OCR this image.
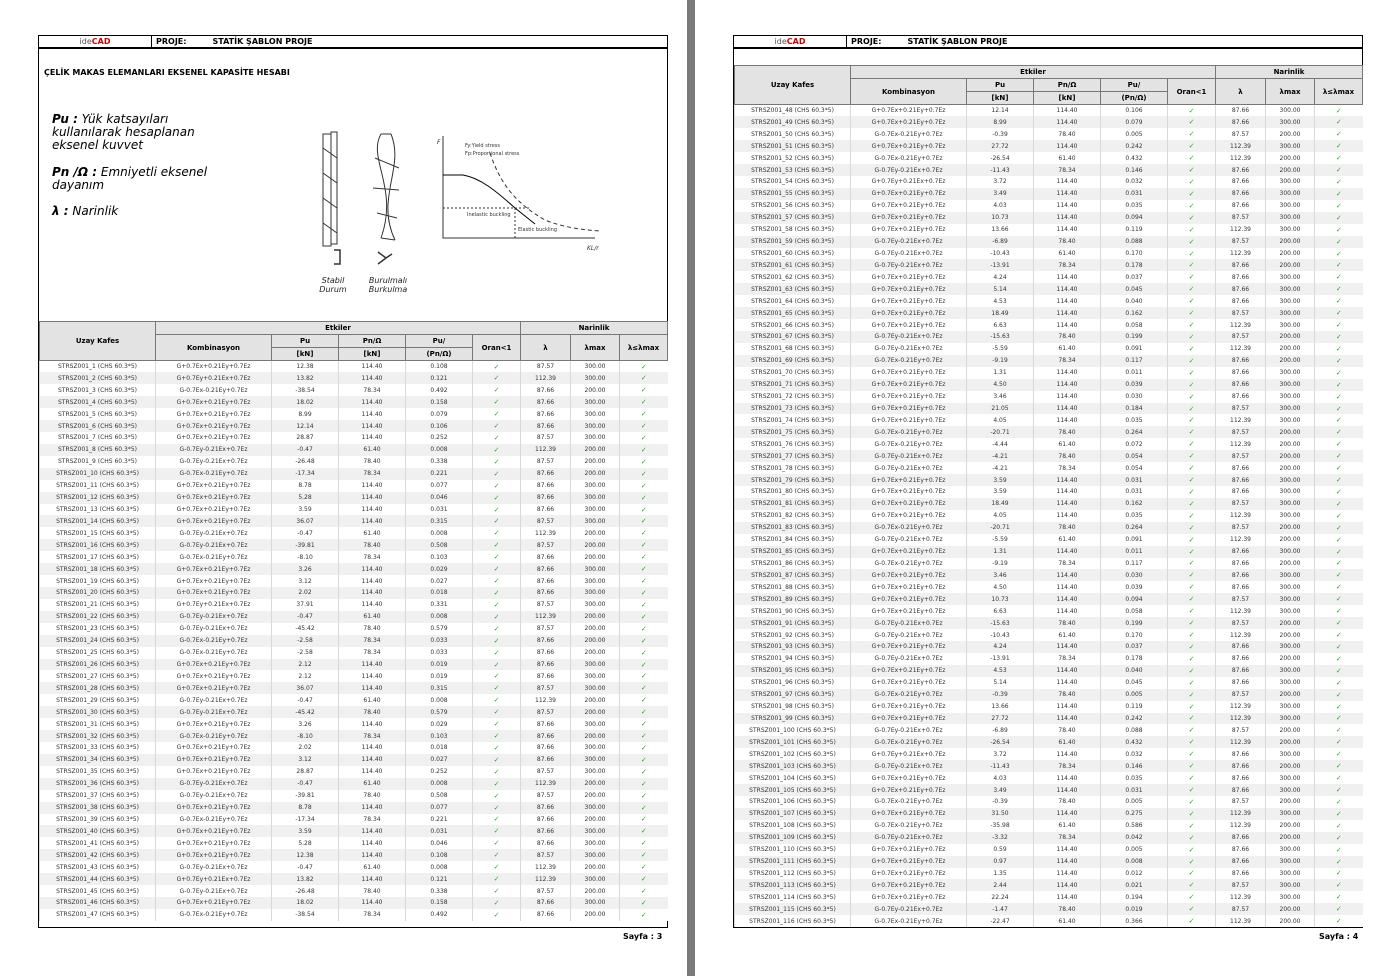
ideCAD	PROJE:	STATİK ŞABLON PROJE
ÇELİK MAKAS ELEMANLARI EKSENEL KAPASİTE HESABI
Pu : Yük katsayıları kullanılarak hesaplanan eksenel kuvvet
Pn /Ω : Emniyetli eksenel dayanım
λ : Narinlik
Fy:Yield stress
Fp:Proportional stress
Inelastic buckling
Elastic buckling
KL/r
F
Stabil
Durum
Burulmalı
Burkulma
Uzay Kafes	Etkiler					Narinlik		
	Kombinasyon	Pu	Pn/Ω	Pu/	Oran<1	λ	λmax	λ≤λmax
		[kN]	[kN]	(Pn/Ω)				
STRSZ001_1 (CHS 60.3*5)	G+0.7Ex+0.21Ey+0.7Ez	12.38	114.40	0.108	✓	87.57	300.00	✓
STRSZ001_2 (CHS 60.3*5)	G+0.7Ey+0.21Ex+0.7Ez	13.82	114.40	0.121	✓	112.39	300.00	✓
STRSZ001_3 (CHS 60.3*5)	G-0.7Ex-0.21Ey+0.7Ez	-38.54	78.34	0.492	✓	87.66	200.00	✓
STRSZ001_4 (CHS 60.3*5)	G+0.7Ex+0.21Ey+0.7Ez	18.02	114.40	0.158	✓	87.66	300.00	✓
STRSZ001_5 (CHS 60.3*5)	G+0.7Ex+0.21Ey+0.7Ez	8.99	114.40	0.079	✓	87.66	300.00	✓
STRSZ001_6 (CHS 60.3*5)	G+0.7Ex+0.21Ey+0.7Ez	12.14	114.40	0.106	✓	87.66	300.00	✓
STRSZ001_7 (CHS 60.3*5)	G+0.7Ex+0.21Ey+0.7Ez	28.87	114.40	0.252	✓	87.57	300.00	✓
STRSZ001_8 (CHS 60.3*5)	G-0.7Ey-0.21Ex+0.7Ez	-0.47	61.40	0.008	✓	112.39	200.00	✓
STRSZ001_9 (CHS 60.3*5)	G-0.7Ey-0.21Ex+0.7Ez	-26.48	78.40	0.338	✓	87.57	200.00	✓
STRSZ001_10 (CHS 60.3*5)	G-0.7Ex-0.21Ey+0.7Ez	-17.34	78.34	0.221	✓	87.66	200.00	✓
STRSZ001_11 (CHS 60.3*5)	G+0.7Ex+0.21Ey+0.7Ez	8.78	114.40	0.077	✓	87.66	300.00	✓
STRSZ001_12 (CHS 60.3*5)	G+0.7Ex+0.21Ey+0.7Ez	5.28	114.40	0.046	✓	87.66	300.00	✓
STRSZ001_13 (CHS 60.3*5)	G+0.7Ex+0.21Ey+0.7Ez	3.59	114.40	0.031	✓	87.66	300.00	✓
STRSZ001_14 (CHS 60.3*5)	G+0.7Ex+0.21Ey+0.7Ez	36.07	114.40	0.315	✓	87.57	300.00	✓
STRSZ001_15 (CHS 60.3*5)	G-0.7Ey-0.21Ex+0.7Ez	-0.47	61.40	0.008	✓	112.39	200.00	✓
STRSZ001_16 (CHS 60.3*5)	G-0.7Ey-0.21Ex+0.7Ez	-39.81	78.40	0.508	✓	87.57	200.00	✓
STRSZ001_17 (CHS 60.3*5)	G-0.7Ex-0.21Ey+0.7Ez	-8.10	78.34	0.103	✓	87.66	200.00	✓
STRSZ001_18 (CHS 60.3*5)	G+0.7Ex+0.21Ey+0.7Ez	3.26	114.40	0.029	✓	87.66	300.00	✓
STRSZ001_19 (CHS 60.3*5)	G+0.7Ex+0.21Ey+0.7Ez	3.12	114.40	0.027	✓	87.66	300.00	✓
STRSZ001_20 (CHS 60.3*5)	G+0.7Ex+0.21Ey+0.7Ez	2.02	114.40	0.018	✓	87.66	300.00	✓
STRSZ001_21 (CHS 60.3*5)	G+0.7Ey+0.21Ex+0.7Ez	37.91	114.40	0.331	✓	87.57	300.00	✓
STRSZ001_22 (CHS 60.3*5)	G-0.7Ey-0.21Ex+0.7Ez	-0.47	61.40	0.008	✓	112.39	200.00	✓
STRSZ001_23 (CHS 60.3*5)	G-0.7Ey-0.21Ex+0.7Ez	-45.42	78.40	0.579	✓	87.57	200.00	✓
STRSZ001_24 (CHS 60.3*5)	G-0.7Ex-0.21Ey+0.7Ez	-2.58	78.34	0.033	✓	87.66	200.00	✓
STRSZ001_25 (CHS 60.3*5)	G-0.7Ex-0.21Ey+0.7Ez	-2.58	78.34	0.033	✓	87.66	200.00	✓
STRSZ001_26 (CHS 60.3*5)	G+0.7Ex+0.21Ey+0.7Ez	2.12	114.40	0.019	✓	87.66	300.00	✓
STRSZ001_27 (CHS 60.3*5)	G+0.7Ex+0.21Ey+0.7Ez	2.12	114.40	0.019	✓	87.66	300.00	✓
STRSZ001_28 (CHS 60.3*5)	G+0.7Ex+0.21Ey+0.7Ez	36.07	114.40	0.315	✓	87.57	300.00	✓
STRSZ001_29 (CHS 60.3*5)	G-0.7Ey-0.21Ex+0.7Ez	-0.47	61.40	0.008	✓	112.39	200.00	✓
STRSZ001_30 (CHS 60.3*5)	G-0.7Ey-0.21Ex+0.7Ez	-45.42	78.40	0.579	✓	87.57	200.00	✓
STRSZ001_31 (CHS 60.3*5)	G+0.7Ex+0.21Ey+0.7Ez	3.26	114.40	0.029	✓	87.66	300.00	✓
STRSZ001_32 (CHS 60.3*5)	G-0.7Ex-0.21Ey+0.7Ez	-8.10	78.34	0.103	✓	87.66	200.00	✓
STRSZ001_33 (CHS 60.3*5)	G+0.7Ex+0.21Ey+0.7Ez	2.02	114.40	0.018	✓	87.66	300.00	✓
STRSZ001_34 (CHS 60.3*5)	G+0.7Ex+0.21Ey+0.7Ez	3.12	114.40	0.027	✓	87.66	300.00	✓
STRSZ001_35 (CHS 60.3*5)	G+0.7Ex+0.21Ey+0.7Ez	28.87	114.40	0.252	✓	87.57	300.00	✓
STRSZ001_36 (CHS 60.3*5)	G-0.7Ey-0.21Ex+0.7Ez	-0.47	61.40	0.008	✓	112.39	200.00	✓
STRSZ001_37 (CHS 60.3*5)	G-0.7Ey-0.21Ex+0.7Ez	-39.81	78.40	0.508	✓	87.57	200.00	✓
STRSZ001_38 (CHS 60.3*5)	G+0.7Ex+0.21Ey+0.7Ez	8.78	114.40	0.077	✓	87.66	300.00	✓
STRSZ001_39 (CHS 60.3*5)	G-0.7Ex-0.21Ey+0.7Ez	-17.34	78.34	0.221	✓	87.66	200.00	✓
STRSZ001_40 (CHS 60.3*5)	G+0.7Ex+0.21Ey+0.7Ez	3.59	114.40	0.031	✓	87.66	300.00	✓
STRSZ001_41 (CHS 60.3*5)	G+0.7Ex+0.21Ey+0.7Ez	5.28	114.40	0.046	✓	87.66	300.00	✓
STRSZ001_42 (CHS 60.3*5)	G+0.7Ex+0.21Ey+0.7Ez	12.38	114.40	0.108	✓	87.57	300.00	✓
STRSZ001_43 (CHS 60.3*5)	G-0.7Ey-0.21Ex+0.7Ez	-0.47	61.40	0.008	✓	112.39	200.00	✓
STRSZ001_44 (CHS 60.3*5)	G+0.7Ey+0.21Ex+0.7Ez	13.82	114.40	0.121	✓	112.39	300.00	✓
STRSZ001_45 (CHS 60.3*5)	G-0.7Ey-0.21Ex+0.7Ez	-26.48	78.40	0.338	✓	87.57	200.00	✓
STRSZ001_46 (CHS 60.3*5)	G+0.7Ex+0.21Ey+0.7Ez	18.02	114.40	0.158	✓	87.66	300.00	✓
STRSZ001_47 (CHS 60.3*5)	G-0.7Ex-0.21Ey+0.7Ez	-38.54	78.34	0.492	✓	87.66	200.00	✓
Sayfa : 3
ideCAD	PROJE:	STATİK ŞABLON PROJE
Uzay Kafes	Etkiler					Narinlik		
	Kombinasyon	Pu	Pn/Ω	Pu/	Oran<1	λ	λmax	λ≤λmax
		[kN]	[kN]	(Pn/Ω)				
STRSZ001_48 (CHS 60.3*5)	G+0.7Ex+0.21Ey+0.7Ez	12.14	114.40	0.106	✓	87.66	300.00	✓
STRSZ001_49 (CHS 60.3*5)	G+0.7Ex+0.21Ey+0.7Ez	8.99	114.40	0.079	✓	87.66	300.00	✓
STRSZ001_50 (CHS 60.3*5)	G-0.7Ex-0.21Ey+0.7Ez	-0.39	78.40	0.005	✓	87.57	200.00	✓
STRSZ001_51 (CHS 60.3*5)	G+0.7Ex+0.21Ey+0.7Ez	27.72	114.40	0.242	✓	112.39	300.00	✓
STRSZ001_52 (CHS 60.3*5)	G-0.7Ex-0.21Ey+0.7Ez	-26.54	61.40	0.432	✓	112.39	200.00	✓
STRSZ001_53 (CHS 60.3*5)	G-0.7Ey-0.21Ex+0.7Ez	-11.43	78.34	0.146	✓	87.66	200.00	✓
STRSZ001_54 (CHS 60.3*5)	G+0.7Ey+0.21Ex+0.7Ez	3.72	114.40	0.032	✓	87.66	300.00	✓
STRSZ001_55 (CHS 60.3*5)	G+0.7Ex+0.21Ey+0.7Ez	3.49	114.40	0.031	✓	87.66	300.00	✓
STRSZ001_56 (CHS 60.3*5)	G+0.7Ex+0.21Ey+0.7Ez	4.03	114.40	0.035	✓	87.66	300.00	✓
STRSZ001_57 (CHS 60.3*5)	G+0.7Ex+0.21Ey+0.7Ez	10.73	114.40	0.094	✓	87.57	300.00	✓
STRSZ001_58 (CHS 60.3*5)	G+0.7Ex+0.21Ey+0.7Ez	13.66	114.40	0.119	✓	112.39	300.00	✓
STRSZ001_59 (CHS 60.3*5)	G-0.7Ey-0.21Ex+0.7Ez	-6.89	78.40	0.088	✓	87.57	200.00	✓
STRSZ001_60 (CHS 60.3*5)	G-0.7Ey-0.21Ex+0.7Ez	-10.43	61.40	0.170	✓	112.39	200.00	✓
STRSZ001_61 (CHS 60.3*5)	G-0.7Ey-0.21Ex+0.7Ez	-13.91	78.34	0.178	✓	87.66	200.00	✓
STRSZ001_62 (CHS 60.3*5)	G+0.7Ex+0.21Ey+0.7Ez	4.24	114.40	0.037	✓	87.66	300.00	✓
STRSZ001_63 (CHS 60.3*5)	G+0.7Ex+0.21Ey+0.7Ez	5.14	114.40	0.045	✓	87.66	300.00	✓
STRSZ001_64 (CHS 60.3*5)	G+0.7Ex+0.21Ey+0.7Ez	4.53	114.40	0.040	✓	87.66	300.00	✓
STRSZ001_65 (CHS 60.3*5)	G+0.7Ex+0.21Ey+0.7Ez	18.49	114.40	0.162	✓	87.57	300.00	✓
STRSZ001_66 (CHS 60.3*5)	G+0.7Ex+0.21Ey+0.7Ez	6.63	114.40	0.058	✓	112.39	300.00	✓
STRSZ001_67 (CHS 60.3*5)	G-0.7Ey-0.21Ex+0.7Ez	-15.63	78.40	0.199	✓	87.57	200.00	✓
STRSZ001_68 (CHS 60.3*5)	G-0.7Ey-0.21Ex+0.7Ez	-5.59	61.40	0.091	✓	112.39	200.00	✓
STRSZ001_69 (CHS 60.3*5)	G-0.7Ex-0.21Ey+0.7Ez	-9.19	78.34	0.117	✓	87.66	200.00	✓
STRSZ001_70 (CHS 60.3*5)	G+0.7Ex+0.21Ey+0.7Ez	1.31	114.40	0.011	✓	87.66	300.00	✓
STRSZ001_71 (CHS 60.3*5)	G+0.7Ex+0.21Ey+0.7Ez	4.50	114.40	0.039	✓	87.66	300.00	✓
STRSZ001_72 (CHS 60.3*5)	G+0.7Ex+0.21Ey+0.7Ez	3.46	114.40	0.030	✓	87.66	300.00	✓
STRSZ001_73 (CHS 60.3*5)	G+0.7Ex+0.21Ey+0.7Ez	21.05	114.40	0.184	✓	87.57	300.00	✓
STRSZ001_74 (CHS 60.3*5)	G+0.7Ex+0.21Ey+0.7Ez	4.05	114.40	0.035	✓	112.39	300.00	✓
STRSZ001_75 (CHS 60.3*5)	G-0.7Ex-0.21Ey+0.7Ez	-20.71	78.40	0.264	✓	87.57	200.00	✓
STRSZ001_76 (CHS 60.3*5)	G-0.7Ex-0.21Ey+0.7Ez	-4.44	61.40	0.072	✓	112.39	200.00	✓
STRSZ001_77 (CHS 60.3*5)	G-0.7Ey-0.21Ex+0.7Ez	-4.21	78.40	0.054	✓	87.57	200.00	✓
STRSZ001_78 (CHS 60.3*5)	G-0.7Ey-0.21Ex+0.7Ez	-4.21	78.34	0.054	✓	87.66	200.00	✓
STRSZ001_79 (CHS 60.3*5)	G+0.7Ex+0.21Ey+0.7Ez	3.59	114.40	0.031	✓	87.66	300.00	✓
STRSZ001_80 (CHS 60.3*5)	G+0.7Ex+0.21Ey+0.7Ez	3.59	114.40	0.031	✓	87.66	300.00	✓
STRSZ001_81 (CHS 60.3*5)	G+0.7Ex+0.21Ey+0.7Ez	18.49	114.40	0.162	✓	87.57	300.00	✓
STRSZ001_82 (CHS 60.3*5)	G+0.7Ex+0.21Ey+0.7Ez	4.05	114.40	0.035	✓	112.39	300.00	✓
STRSZ001_83 (CHS 60.3*5)	G-0.7Ex-0.21Ey+0.7Ez	-20.71	78.40	0.264	✓	87.57	200.00	✓
STRSZ001_84 (CHS 60.3*5)	G-0.7Ey-0.21Ex+0.7Ez	-5.59	61.40	0.091	✓	112.39	200.00	✓
STRSZ001_85 (CHS 60.3*5)	G+0.7Ex+0.21Ey+0.7Ez	1.31	114.40	0.011	✓	87.66	300.00	✓
STRSZ001_86 (CHS 60.3*5)	G-0.7Ex-0.21Ey+0.7Ez	-9.19	78.34	0.117	✓	87.66	200.00	✓
STRSZ001_87 (CHS 60.3*5)	G+0.7Ex+0.21Ey+0.7Ez	3.46	114.40	0.030	✓	87.66	300.00	✓
STRSZ001_88 (CHS 60.3*5)	G+0.7Ex+0.21Ey+0.7Ez	4.50	114.40	0.039	✓	87.66	300.00	✓
STRSZ001_89 (CHS 60.3*5)	G+0.7Ex+0.21Ey+0.7Ez	10.73	114.40	0.094	✓	87.57	300.00	✓
STRSZ001_90 (CHS 60.3*5)	G+0.7Ex+0.21Ey+0.7Ez	6.63	114.40	0.058	✓	112.39	300.00	✓
STRSZ001_91 (CHS 60.3*5)	G-0.7Ey-0.21Ex+0.7Ez	-15.63	78.40	0.199	✓	87.57	200.00	✓
STRSZ001_92 (CHS 60.3*5)	G-0.7Ey-0.21Ex+0.7Ez	-10.43	61.40	0.170	✓	112.39	200.00	✓
STRSZ001_93 (CHS 60.3*5)	G+0.7Ex+0.21Ey+0.7Ez	4.24	114.40	0.037	✓	87.66	300.00	✓
STRSZ001_94 (CHS 60.3*5)	G-0.7Ey-0.21Ex+0.7Ez	-13.91	78.34	0.178	✓	87.66	200.00	✓
STRSZ001_95 (CHS 60.3*5)	G+0.7Ex+0.21Ey+0.7Ez	4.53	114.40	0.040	✓	87.66	300.00	✓
STRSZ001_96 (CHS 60.3*5)	G+0.7Ex+0.21Ey+0.7Ez	5.14	114.40	0.045	✓	87.66	300.00	✓
STRSZ001_97 (CHS 60.3*5)	G-0.7Ex-0.21Ey+0.7Ez	-0.39	78.40	0.005	✓	87.57	200.00	✓
STRSZ001_98 (CHS 60.3*5)	G+0.7Ex+0.21Ey+0.7Ez	13.66	114.40	0.119	✓	112.39	300.00	✓
STRSZ001_99 (CHS 60.3*5)	G+0.7Ex+0.21Ey+0.7Ez	27.72	114.40	0.242	✓	112.39	300.00	✓
STRSZ001_100 (CHS 60.3*5)	G-0.7Ey-0.21Ex+0.7Ez	-6.89	78.40	0.088	✓	87.57	200.00	✓
STRSZ001_101 (CHS 60.3*5)	G-0.7Ex-0.21Ey+0.7Ez	-26.54	61.40	0.432	✓	112.39	200.00	✓
STRSZ001_102 (CHS 60.3*5)	G+0.7Ey+0.21Ex+0.7Ez	3.72	114.40	0.032	✓	87.66	300.00	✓
STRSZ001_103 (CHS 60.3*5)	G-0.7Ey-0.21Ex+0.7Ez	-11.43	78.34	0.146	✓	87.66	200.00	✓
STRSZ001_104 (CHS 60.3*5)	G+0.7Ex+0.21Ey+0.7Ez	4.03	114.40	0.035	✓	87.66	300.00	✓
STRSZ001_105 (CHS 60.3*5)	G+0.7Ex+0.21Ey+0.7Ez	3.49	114.40	0.031	✓	87.66	300.00	✓
STRSZ001_106 (CHS 60.3*5)	G-0.7Ex-0.21Ey+0.7Ez	-0.39	78.40	0.005	✓	87.57	200.00	✓
STRSZ001_107 (CHS 60.3*5)	G+0.7Ex+0.21Ey+0.7Ez	31.50	114.40	0.275	✓	112.39	300.00	✓
STRSZ001_108 (CHS 60.3*5)	G-0.7Ex-0.21Ey+0.7Ez	-35.98	61.40	0.586	✓	112.39	200.00	✓
STRSZ001_109 (CHS 60.3*5)	G-0.7Ey-0.21Ex+0.7Ez	-3.32	78.34	0.042	✓	87.66	200.00	✓
STRSZ001_110 (CHS 60.3*5)	G+0.7Ex+0.21Ey+0.7Ez	0.59	114.40	0.005	✓	87.66	300.00	✓
STRSZ001_111 (CHS 60.3*5)	G+0.7Ex+0.21Ey+0.7Ez	0.97	114.40	0.008	✓	87.66	300.00	✓
STRSZ001_112 (CHS 60.3*5)	G+0.7Ex+0.21Ey+0.7Ez	1.35	114.40	0.012	✓	87.66	300.00	✓
STRSZ001_113 (CHS 60.3*5)	G+0.7Ex+0.21Ey+0.7Ez	2.44	114.40	0.021	✓	87.57	300.00	✓
STRSZ001_114 (CHS 60.3*5)	G+0.7Ex+0.21Ey+0.7Ez	22.24	114.40	0.194	✓	112.39	300.00	✓
STRSZ001_115 (CHS 60.3*5)	G-0.7Ey-0.21Ex+0.7Ez	-1.47	78.40	0.019	✓	87.57	200.00	✓
STRSZ001_116 (CHS 60.3*5)	G-0.7Ex-0.21Ey+0.7Ez	-22.47	61.40	0.366	✓	112.39	200.00	✓
Sayfa : 4
